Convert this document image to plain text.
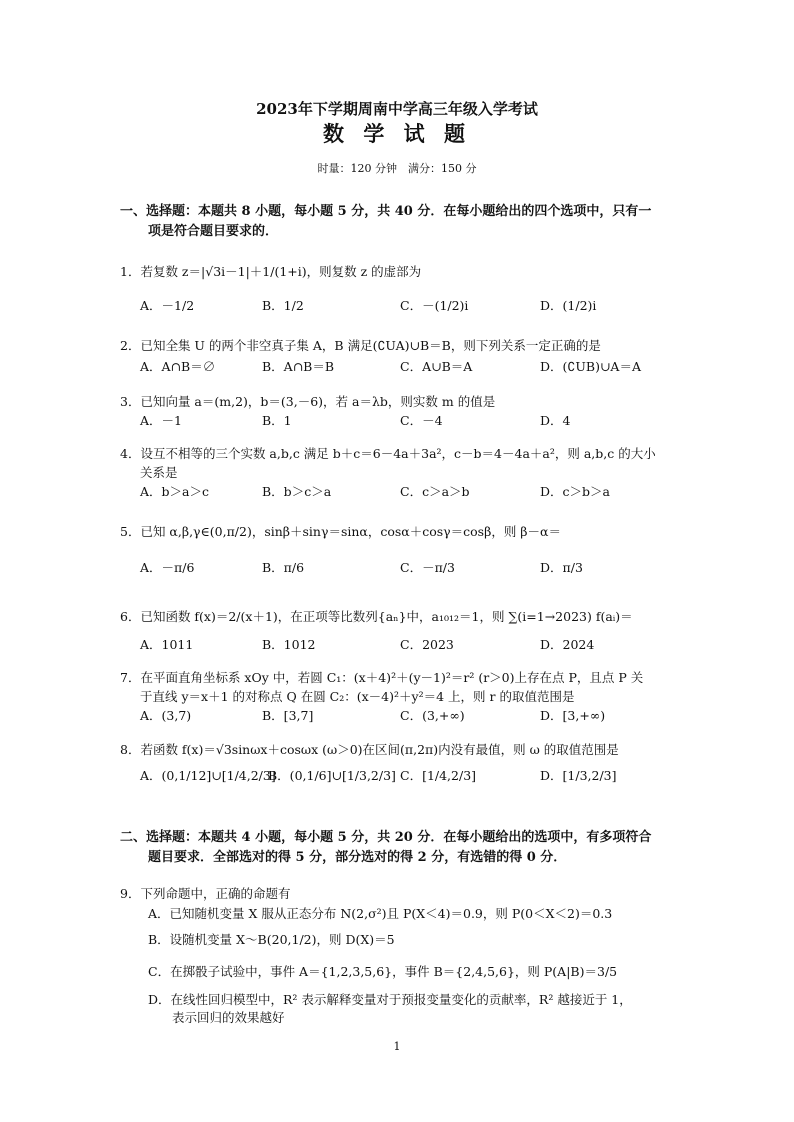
2023年下学期周南中学高三年级入学考试
数 学 试 题
时量：120 分钟　满分：150 分
一、选择题：本题共 8 小题，每小题 5 分，共 40 分．在每小题给出的四个选项中，只有一
项是符合题目要求的．
1．若复数 z＝|√3i－1|＋1/(1+i)，则复数 z 的虚部为
A．－1/2	B．1/2	C．－(1/2)i	D．(1/2)i
2．已知全集 U 的两个非空真子集 A，B 满足(∁UA)∪B＝B，则下列关系一定正确的是
A．A∩B＝∅	B．A∩B＝B	C．A∪B＝A	D．(∁UB)∪A＝A
3．已知向量 a＝(m,2)，b＝(3,－6)，若 a＝λb，则实数 m 的值是
A．－1	B．1	C．－4	D．4
4．设互不相等的三个实数 a,b,c 满足 b＋c＝6－4a＋3a²，c－b＝4－4a＋a²，则 a,b,c 的大小
关系是
A．b＞a＞c	B．b＞c＞a	C．c＞a＞b	D．c＞b＞a
5．已知 α,β,γ∈(0,π/2)，sinβ＋sinγ＝sinα，cosα＋cosγ＝cosβ，则 β－α＝
A．－π/6	B．π/6	C．－π/3	D．π/3
6．已知函数 f(x)＝2/(x＋1)，在正项等比数列{aₙ}中，a₁₀₁₂＝1，则 ∑(i=1→2023) f(aᵢ)＝
A．1011	B．1012	C．2023	D．2024
7．在平面直角坐标系 xOy 中，若圆 C₁：(x＋4)²＋(y－1)²＝r² (r＞0)上存在点 P，且点 P 关
于直线 y＝x＋1 的对称点 Q 在圆 C₂：(x－4)²＋y²＝4 上，则 r 的取值范围是
A．(3,7)	B．[3,7]	C．(3,+∞)	D．[3,+∞)
8．若函数 f(x)＝√3sinωx＋cosωx (ω＞0)在区间(π,2π)内没有最值，则 ω 的取值范围是
A．(0,1/12]∪[1/4,2/3]
B．(0,1/6]∪[1/3,2/3] C．[1/4,2/3]	D．[1/3,2/3]
二、选择题：本题共 4 小题，每小题 5 分，共 20 分．在每小题给出的选项中，有多项符合
题目要求．全部选对的得 5 分，部分选对的得 2 分，有选错的得 0 分．
9．下列命题中，正确的命题有
A．已知随机变量 X 服从正态分布 N(2,σ²)且 P(X＜4)＝0.9，则 P(0＜X＜2)＝0.3
B．设随机变量 X～B(20,1/2)，则 D(X)＝5
C．在掷骰子试验中，事件 A＝{1,2,3,5,6}，事件 B＝{2,4,5,6}，则 P(A|B)＝3/5
D．在线性回归模型中，R² 表示解释变量对于预报变量变化的贡献率，R² 越接近于 1，
表示回归的效果越好
1
